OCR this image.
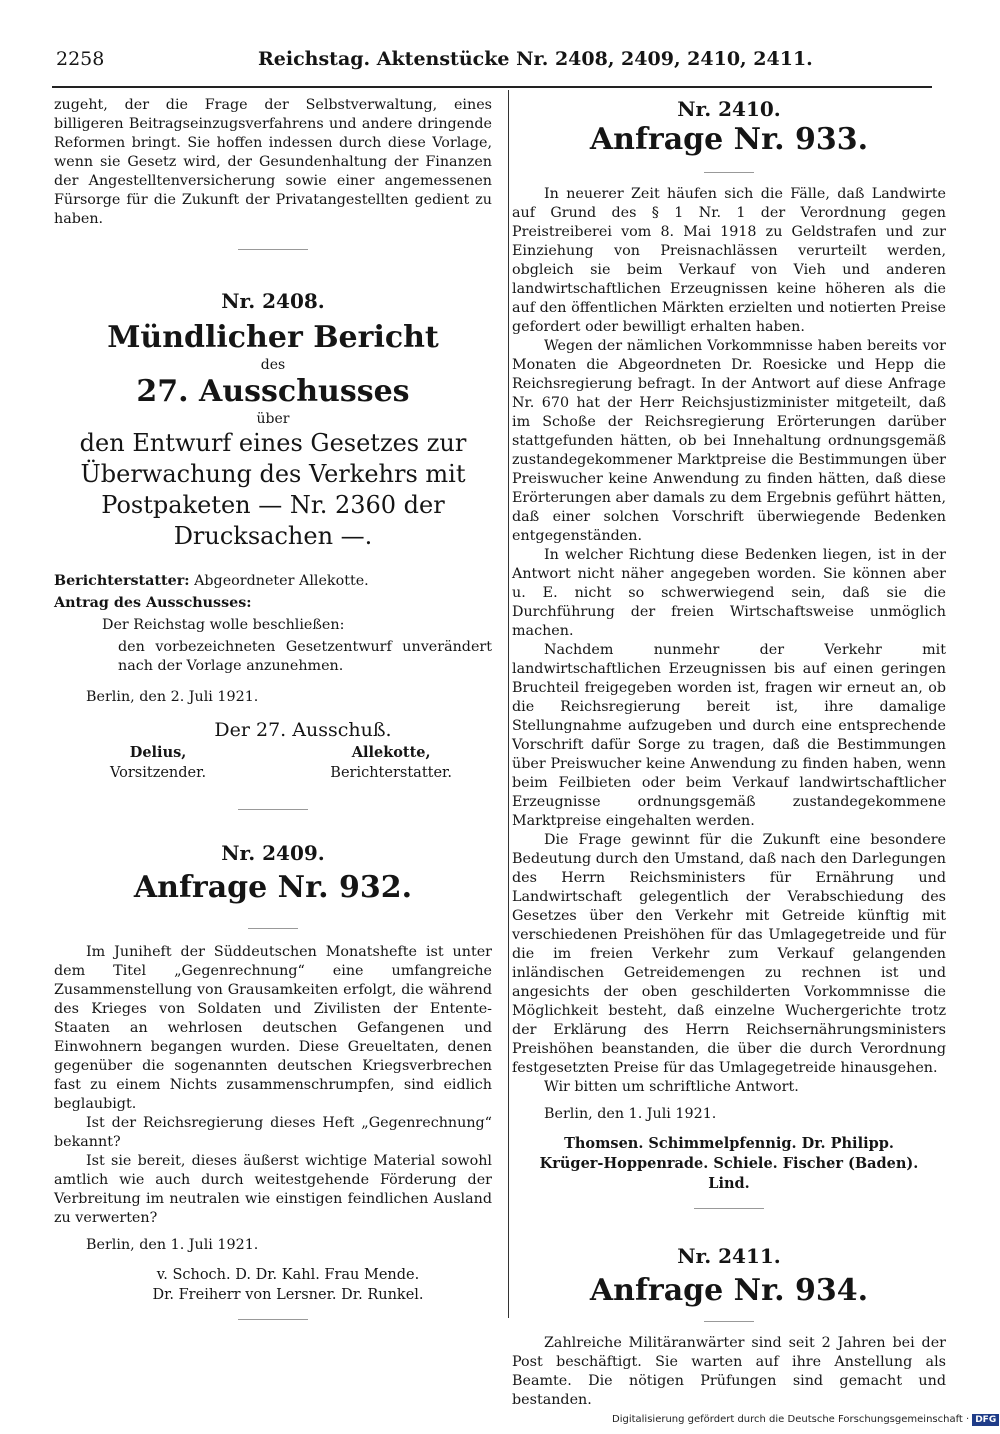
2258	Reichstag. Aktenstücke Nr. 2408, 2409, 2410, 2411.

zugeht, der die Frage der Selbstverwaltung, eines billigeren Beitragseinzugsverfahrens und andere dringende Reformen bringt. Sie hoffen indessen durch diese Vorlage, wenn sie Gesetz wird, der Gesundenhaltung der Finanzen der Angestelltenversicherung sowie einer angemessenen Fürsorge für die Zukunft der Privatangestellten gedient zu haben.

Nr. 2408.
Mündlicher Bericht
des
27. Ausschusses
über
den Entwurf eines Gesetzes zur Überwachung des Verkehrs mit Postpaketen — Nr. 2360 der Drucksachen —.

Berichterstatter: Abgeordneter Allekotte.

Antrag des Ausschusses:

Der Reichstag wolle beschließen:

den vorbezeichneten Gesetzentwurf unverändert nach der Vorlage anzunehmen.

Berlin, den 2. Juli 1921.

Der 27. Ausschuß.
Delius,
Vorsitzender.
Allekotte,
Berichterstatter.
Nr. 2409.
Anfrage Nr. 932.

Im Juniheft der Süddeutschen Monatshefte ist unter dem Titel „Gegenrechnung“ eine umfangreiche Zusammenstellung von Grausamkeiten erfolgt, die während des Krieges von Soldaten und Zivilisten der Entente-Staaten an wehrlosen deutschen Gefangenen und Einwohnern begangen wurden. Diese Greueltaten, denen gegenüber die sogenannten deutschen Kriegsverbrechen fast zu einem Nichts zusammenschrumpfen, sind eidlich beglaubigt.

Ist der Reichsregierung dieses Heft „Gegenrechnung“ bekannt?

Ist sie bereit, dieses äußerst wichtige Material sowohl amtlich wie auch durch weitestgehende Förderung der Verbreitung im neutralen wie einstigen feindlichen Ausland zu verwerten?

Berlin, den 1. Juli 1921.

v. Schoch. D. Dr. Kahl. Frau Mende.
Dr. Freiherr von Lersner. Dr. Runkel.
Nr. 2410.
Anfrage Nr. 933.

In neuerer Zeit häufen sich die Fälle, daß Landwirte auf Grund des § 1 Nr. 1 der Verordnung gegen Preistreiberei vom 8. Mai 1918 zu Geldstrafen und zur Einziehung von Preisnachlässen verurteilt werden, obgleich sie beim Verkauf von Vieh und anderen landwirtschaftlichen Erzeugnissen keine höheren als die auf den öffentlichen Märkten erzielten und notierten Preise gefordert oder bewilligt erhalten haben.

Wegen der nämlichen Vorkommnisse haben bereits vor Monaten die Abgeordneten Dr. Roesicke und Hepp die Reichsregierung befragt. In der Antwort auf diese Anfrage Nr. 670 hat der Herr Reichsjustizminister mitgeteilt, daß im Schoße der Reichsregierung Erörterungen darüber stattgefunden hätten, ob bei Innehaltung ordnungsgemäß zustandegekommener Marktpreise die Bestimmungen über Preiswucher keine Anwendung zu finden hätten, daß diese Erörterungen aber damals zu dem Ergebnis geführt hätten, daß einer solchen Vorschrift überwiegende Bedenken entgegenständen.

In welcher Richtung diese Bedenken liegen, ist in der Antwort nicht näher angegeben worden. Sie können aber u. E. nicht so schwerwiegend sein, daß sie die Durchführung der freien Wirtschaftsweise unmöglich machen.

Nachdem nunmehr der Verkehr mit landwirtschaftlichen Erzeugnissen bis auf einen geringen Bruchteil freigegeben worden ist, fragen wir erneut an, ob die Reichsregierung bereit ist, ihre damalige Stellungnahme aufzugeben und durch eine entsprechende Vorschrift dafür Sorge zu tragen, daß die Bestimmungen über Preiswucher keine Anwendung zu finden haben, wenn beim Feilbieten oder beim Verkauf landwirtschaftlicher Erzeugnisse ordnungsgemäß zustandegekommene Marktpreise eingehalten werden.

Die Frage gewinnt für die Zukunft eine besondere Bedeutung durch den Umstand, daß nach den Darlegungen des Herrn Reichsministers für Ernährung und Landwirtschaft gelegentlich der Verabschiedung des Gesetzes über den Verkehr mit Getreide künftig mit verschiedenen Preishöhen für das Umlagegetreide und für die im freien Verkehr zum Verkauf gelangenden inländischen Getreidemengen zu rechnen ist und angesichts der oben geschilderten Vorkommnisse die Möglichkeit besteht, daß einzelne Wuchergerichte trotz der Erklärung des Herrn Reichsernährungsministers Preishöhen beanstanden, die über die durch Verordnung festgesetzten Preise für das Umlagegetreide hinausgehen.

Wir bitten um schriftliche Antwort.

Berlin, den 1. Juli 1921.

Thomsen. Schimmelpfennig. Dr. Philipp.
Krüger-Hoppenrade. Schiele. Fischer (Baden).
Lind.
Nr. 2411.
Anfrage Nr. 934.

Zahlreiche Militäranwärter sind seit 2 Jahren bei der Post beschäftigt. Sie warten auf ihre Anstellung als Beamte. Die nötigen Prüfungen sind gemacht und bestanden.

Digitalisierung gefördert durch die Deutsche Forschungsgemeinschaft · DFG
